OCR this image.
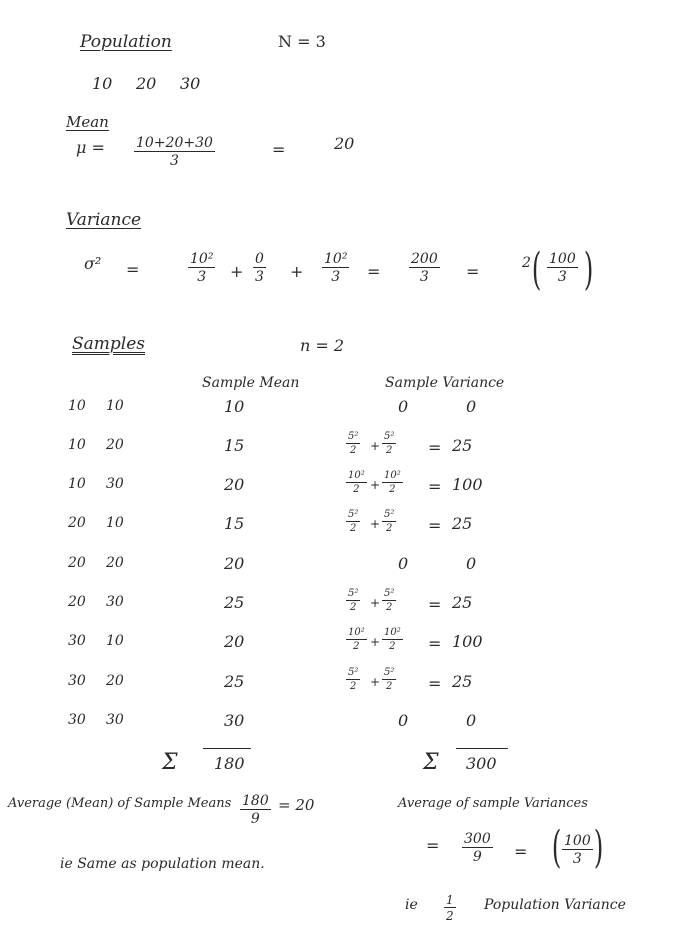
Population	N = 3
10 20 30
Mean
$\mu = \frac{10+20+30}{3}$	=	20
Variance
σ² =	$\frac{\text{10²}}{3} + \frac{0}{3} + \frac{\text{10²}}{3} = \frac{200}{3}$ =	2 ( $\frac{100}{3}$ )
Samples	n = 2
Sample Mean	Sample Variance
10 10	10	0	0
10 20	15	$\frac{\text{5²}}{2} + \frac{\text{5²}}{2} = 25$
10 30	20	$\frac{\text{10²}}{2} + \frac{\text{10²}}{2} = 100$
20 10	15	$\frac{\text{5²}}{2} + \frac{\text{5²}}{2} = 25$
20 20	20	0	0
20 30	25	$\frac{\text{5²}}{2} + \frac{\text{5²}}{2} = 25$
30 10	20	$\frac{\text{10²}}{2} + \frac{\text{10²}}{2} = 100$
30 20	25	$\frac{\text{5²}}{2} + \frac{\text{5²}}{2} = 25$
30 30	30	0	0
Σ 180	Σ 300
Average (Mean) of Sample Means $\frac{180}{9} = 20$
ie Same as population mean.
Average of sample Variances
= $\frac{300}{9}$ = ( $\frac{100}{3}$ )
ie $\frac{1}{2}$ Population Variance
